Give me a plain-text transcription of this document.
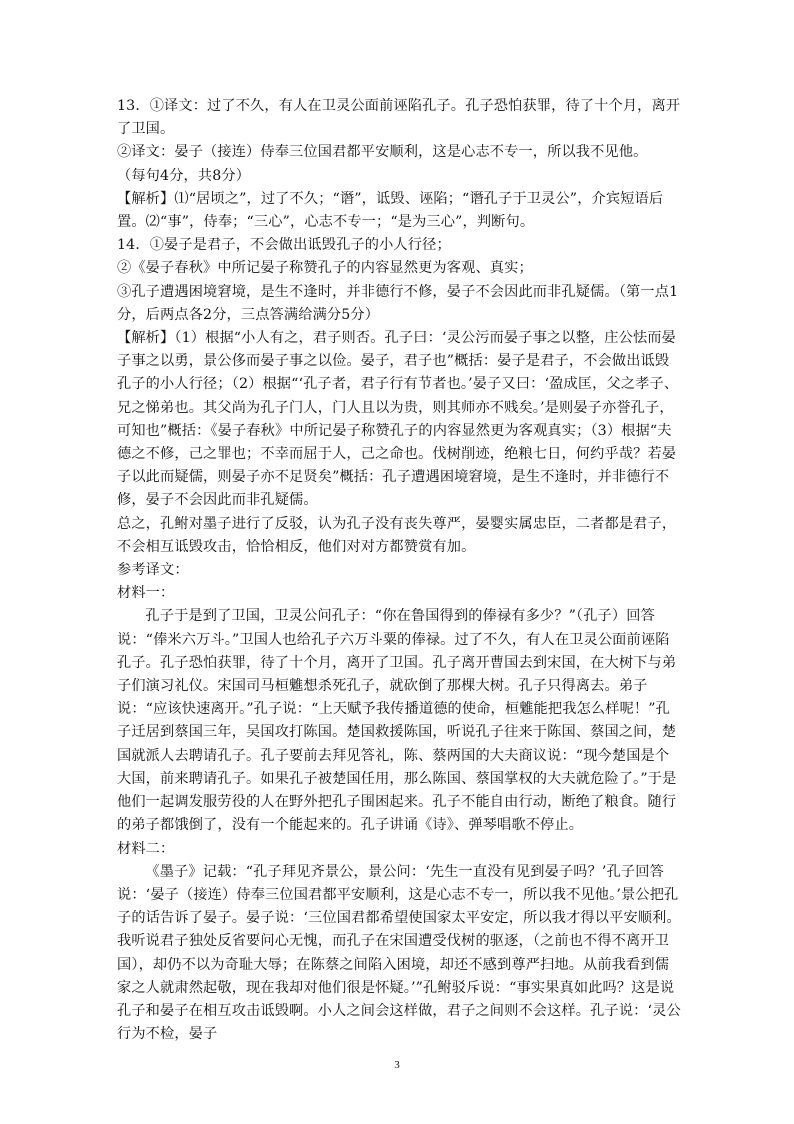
13．①译文：过了不久，有人在卫灵公面前诬陷孔子。孔子恐怕获罪，待了十个月，离开了卫国。

②译文：晏子（接连）侍奉三位国君都平安顺利，这是心志不专一，所以我不见他。

（每句4分，共8分）

【解析】⑴“居顷之”，过了不久；“谮”，诋毁、诬陷；“谮孔子于卫灵公”，介宾短语后置。⑵“事”，侍奉；“三心”，心志不专一；“是为三心”，判断句。

14．①晏子是君子，不会做出诋毁孔子的小人行径；

②《晏子春秋》中所记晏子称赞孔子的内容显然更为客观、真实；

③孔子遭遇困境窘境，是生不逢时，并非德行不修，晏子不会因此而非孔疑儒。（第一点1分，后两点各2分，三点答满给满分5分）

【解析】（1）根据“小人有之，君子则否。孔子曰：‘灵公污而晏子事之以整，庄公怯而晏子事之以勇，景公侈而晏子事之以俭。晏子，君子也”概括：晏子是君子，不会做出诋毁孔子的小人行径；（2）根据“‘孔子者，君子行有节者也。’晏子又曰：‘盈成匡，父之孝子、兄之悌弟也。其父尚为孔子门人，门人且以为贵，则其师亦不贱矣。’是则晏子亦誉孔子，可知也”概括：《晏子春秋》中所记晏子称赞孔子的内容显然更为客观真实；（3）根据“夫德之不修，己之罪也；不幸而屈于人，己之命也。伐树削迹，绝粮七日，何约乎哉？若晏子以此而疑儒，则晏子亦不足贤矣”概括：孔子遭遇困境窘境，是生不逢时，并非德行不修，晏子不会因此而非孔疑儒。

总之，孔鲋对墨子进行了反驳，认为孔子没有丧失尊严，晏婴实属忠臣，二者都是君子，不会相互诋毁攻击，恰恰相反，他们对对方都赞赏有加。

参考译文：

材料一：

孔子于是到了卫国，卫灵公问孔子：“你在鲁国得到的俸禄有多少？”（孔子）回答说：“俸米六万斗。”卫国人也给孔子六万斗粟的俸禄。过了不久，有人在卫灵公面前诬陷孔子。孔子恐怕获罪，待了十个月，离开了卫国。孔子离开曹国去到宋国，在大树下与弟子们演习礼仪。宋国司马桓魋想杀死孔子，就砍倒了那棵大树。孔子只得离去。弟子说：“应该快速离开。”孔子说：“上天赋予我传播道德的使命，桓魋能把我怎么样呢！”孔子迁居到蔡国三年，吴国攻打陈国。楚国救援陈国，听说孔子往来于陈国、蔡国之间，楚国就派人去聘请孔子。孔子要前去拜见答礼，陈、蔡两国的大夫商议说：“现今楚国是个大国，前来聘请孔子。如果孔子被楚国任用，那么陈国、蔡国掌权的大夫就危险了。”于是他们一起调发服劳役的人在野外把孔子围困起来。孔子不能自由行动，断绝了粮食。随行的弟子都饿倒了，没有一个能起来的。孔子讲诵《诗》、弹琴唱歌不停止。

材料二：

《墨子》记载：“孔子拜见齐景公，景公问：‘先生一直没有见到晏子吗？’孔子回答说：‘晏子（接连）侍奉三位国君都平安顺利，这是心志不专一，所以我不见他。’景公把孔子的话告诉了晏子。晏子说：‘三位国君都希望使国家太平安定，所以我才得以平安顺利。我听说君子独处反省要问心无愧，而孔子在宋国遭受伐树的驱逐，（之前也不得不离开卫国），却仍不以为奇耻大辱；在陈蔡之间陷入困境，却还不感到尊严扫地。从前我看到儒家之人就肃然起敬，现在我却对他们很是怀疑。’”孔鲋驳斥说：“事实果真如此吗？这是说孔子和晏子在相互攻击诋毁啊。小人之间会这样做，君子之间则不会这样。孔子说：‘灵公行为不检，晏子

3
